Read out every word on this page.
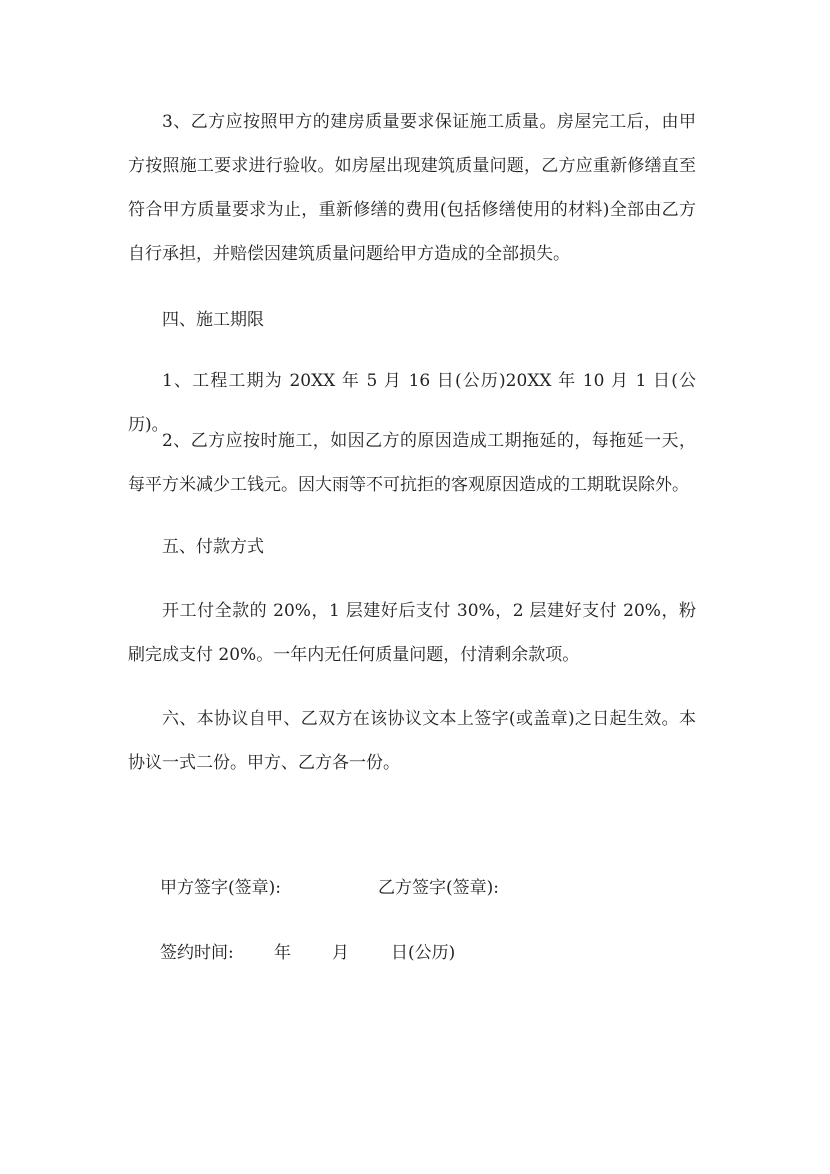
3、乙方应按照甲方的建房质量要求保证施工质量。房屋完工后，由甲方按照施工要求进行验收。如房屋出现建筑质量问题，乙方应重新修缮直至符合甲方质量要求为止，重新修缮的费用(包括修缮使用的材料)全部由乙方自行承担，并赔偿因建筑质量问题给甲方造成的全部损失。

四、施工期限

1、工程工期为 20XX 年 5 月 16 日(公历)20XX 年 10 月 1 日(公历)。

2、乙方应按时施工，如因乙方的原因造成工期拖延的，每拖延一天，每平方米减少工钱元。因大雨等不可抗拒的客观原因造成的工期耽误除外。

五、付款方式

开工付全款的 20%，1 层建好后支付 30%，2 层建好支付 20%，粉刷完成支付 20%。一年内无任何质量问题，付清剩余款项。

六、本协议自甲、乙双方在该协议文本上签字(或盖章)之日起生效。本协议一式二份。甲方、乙方各一份。

甲方签字(签章):	乙方签字(签章):
签约时间: 年 月 日(公历)
